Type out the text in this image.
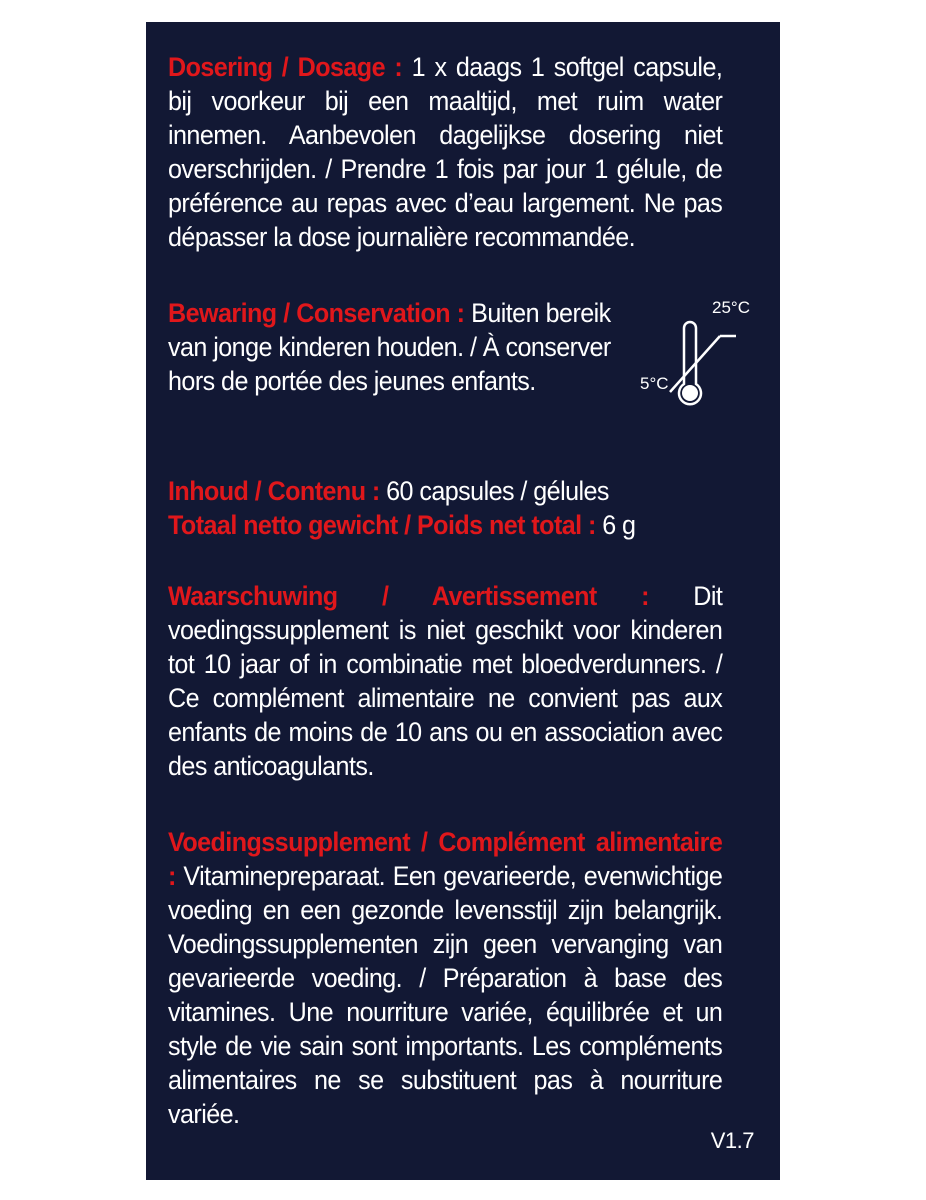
Dosering / Dosage : 1 x daags 1 softgel capsule, bij voorkeur bij een maaltijd, met ruim water innemen. Aanbevolen dagelijkse dosering niet overschrijden. / Prendre 1 fois par jour 1 gélule, de préférence au repas avec d’eau largement. Ne pas dépasser la dose journalière recommandée.
Bewaring / Conservation : Buiten bereik van jonge kinderen houden. / À conserver hors de portée des jeunes enfants.
25°C
5°C
Inhoud / Contenu : 60 capsules / gélules
Totaal netto gewicht / Poids net total : 6 g
Waarschuwing / Avertissement : Dit voedingssupplement is niet geschikt voor kinderen tot 10 jaar of in combinatie met bloedverdunners. / Ce complément alimentaire ne convient pas aux enfants de moins de 10 ans ou en association avec des anticoagulants.
Voedingssupplement / Complément alimentaire : Vitaminepreparaat. Een gevarieerde, evenwichtige voeding en een gezonde levensstijl zijn belangrijk. Voedingssupplementen zijn geen vervanging van gevarieerde voeding. / Préparation à base des vitamines. Une nourriture variée, équilibrée et un style de vie sain sont importants. Les compléments alimentaires ne se substituent pas à nourriture variée.
V1.7
